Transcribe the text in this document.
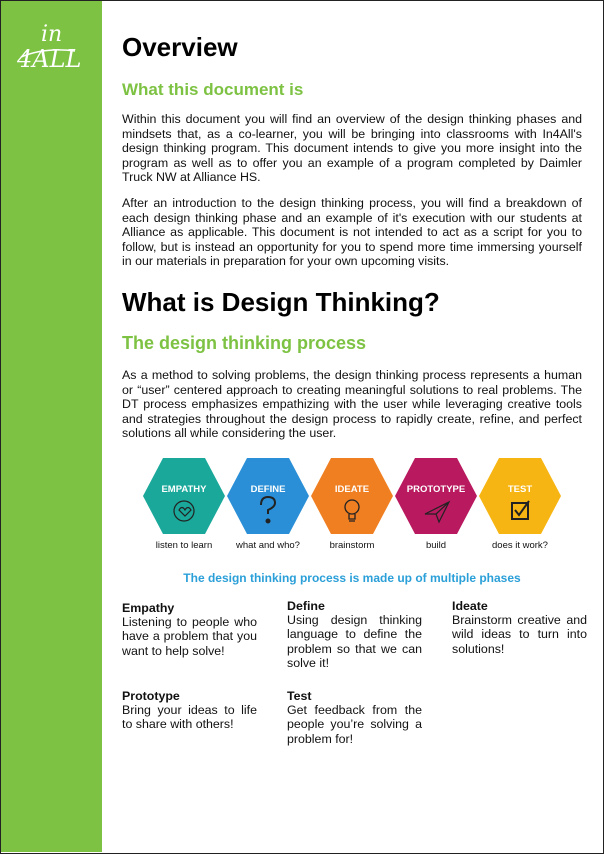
in
4ALL Overview
What this document is

Within this document you will find an overview of the design thinking phases and mindsets that, as a co-learner, you will be bringing into classrooms with In4All's design thinking program. This document intends to give you more insight into the program as well as to offer you an example of a program completed by Daimler Truck NW at Alliance HS.

After an introduction to the design thinking process, you will find a breakdown of each design thinking phase and an example of it's execution with our students at Alliance as applicable. This document is not intended to act as a script for you to follow, but is instead an opportunity for you to spend more time immersing yourself in our materials in preparation for your own upcoming visits.

What is Design Thinking?
The design thinking process

As a method to solving problems, the design thinking process represents a human or “user” centered approach to creating meaningful solutions to real problems. The DT process emphasizes empathizing with the user while leveraging creative tools and strategies throughout the design process to rapidly create, refine, and perfect solutions all while considering the user.

EMPATHY
listen to learn
DEFINE
what and who?
IDEATE
brainstorm
PROTOTYPE
build
TEST
does it work?
The design thinking process is made up of multiple phases
Empathy
Listening to people who have a problem that you want to help solve!
Define
Using design thinking language to define the problem so that we can solve it!
Ideate
Brainstorm creative and wild ideas to turn into solutions!
Prototype
Bring your ideas to life to share with others!
Test
Get feedback from the people you’re solving a problem for!
